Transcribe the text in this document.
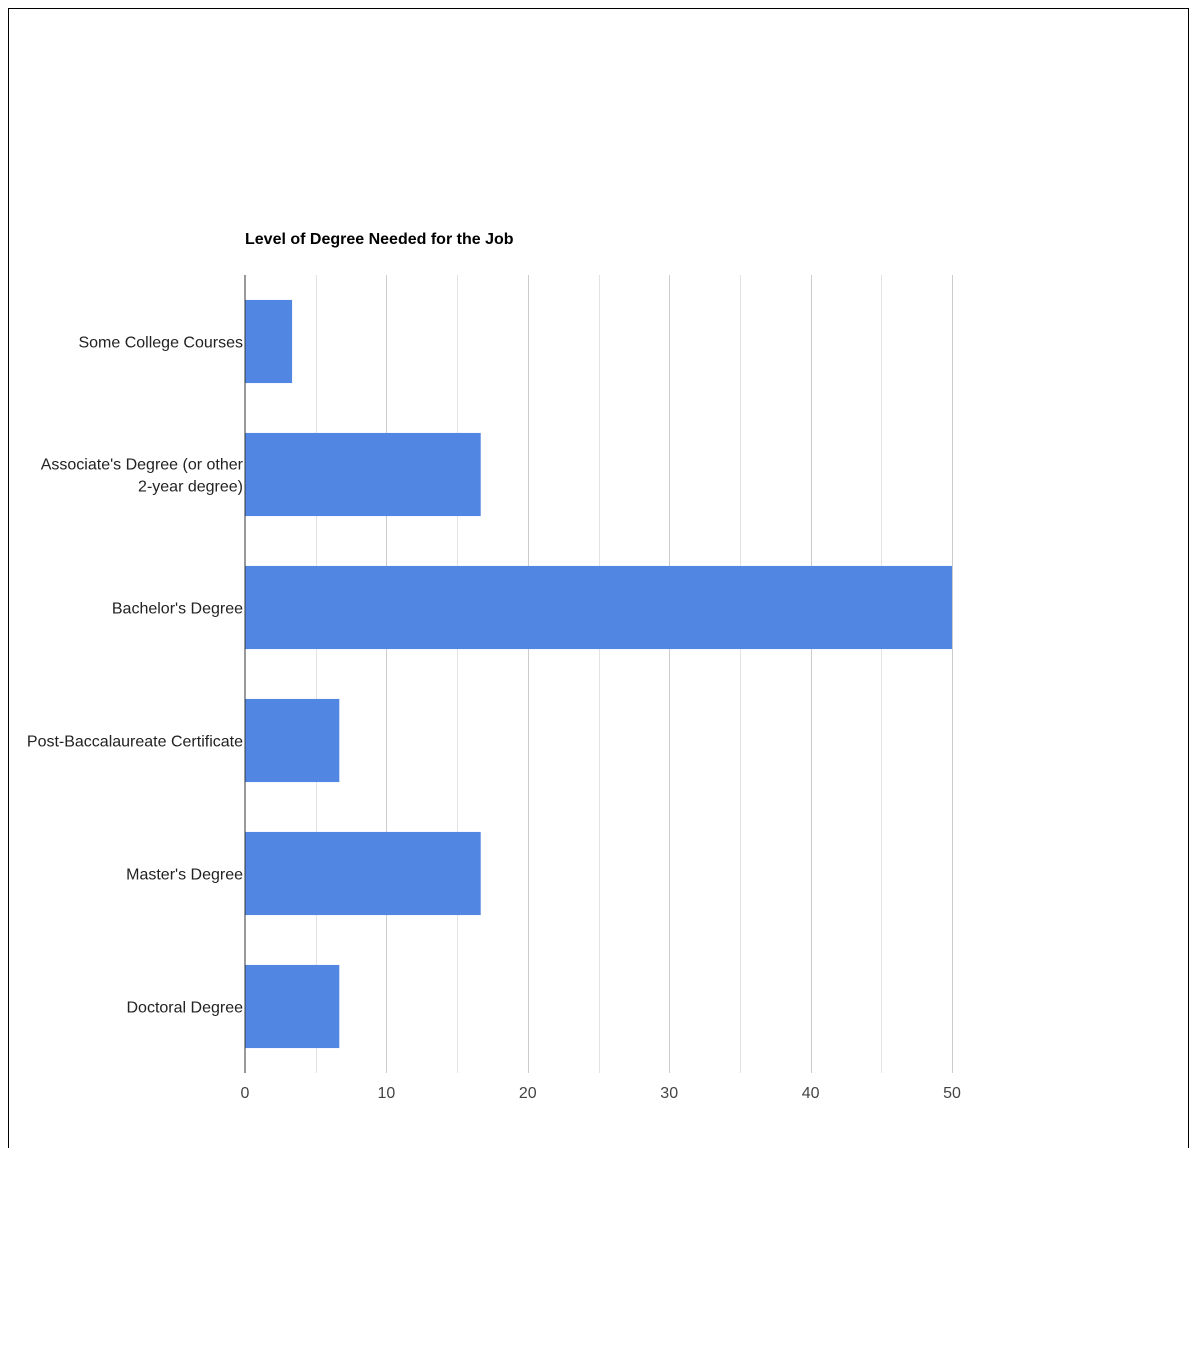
Level of Degree Needed for the Job
Some College Courses
Associate's Degree (or other 2-year degree)
Bachelor's Degree
Post-Baccalaureate Certificate
Master's Degree
Doctoral Degree
0	10	20	30	40	50
